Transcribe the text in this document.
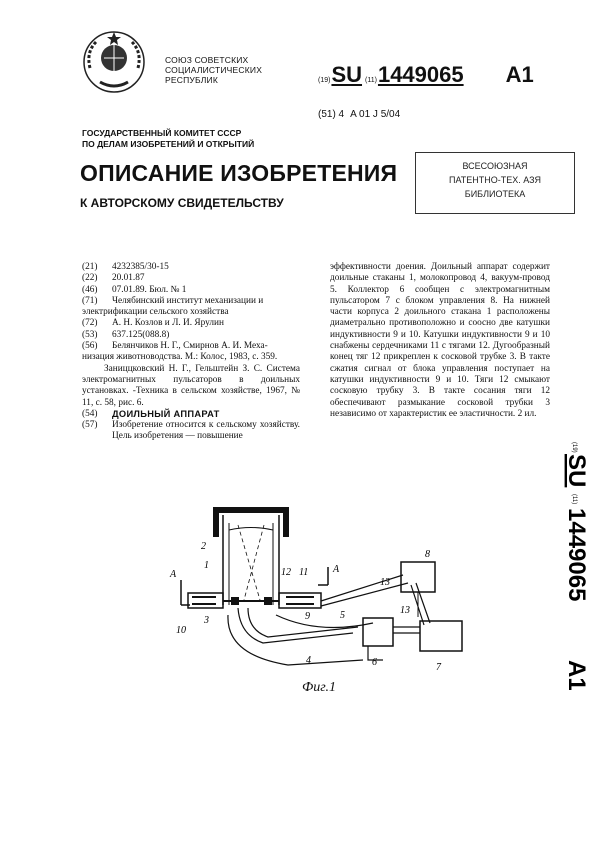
СОЮЗ СОВЕТСКИХ
СОЦИАЛИСТИЧЕСКИХ
РЕСПУБЛИК	(19) SU (11) 1449065 A1
(51) 4 A 01 J 5/04
ГОСУДАРСТВЕННЫЙ КОМИТЕТ СССР
ПО ДЕЛАМ ИЗОБРЕТЕНИЙ И ОТКРЫТИЙ
ОПИСАНИЕ ИЗОБРЕТЕНИЯ
К АВТОРСКОМУ СВИДЕТЕЛЬСТВУ
ВСЕСОЮЗНАЯ
ПАТЕНТНО-ТЕХ. АЗЯ
БИБЛИОТЕКА
(21)	4232385/30-15
(22)	20.01.87
(46)	07.01.89. Бюл. № 1
(71)	Челябинский институт механизации и
электрификации сельского хозяйства
(72)	А. Н. Козлов и Л. И. Ярулин
(53)	637.125(088.8)
(56)	Белянчиков Н. Г., Смирнов А. И. Меха-
низация животноводства. М.: Колос, 1983, с. 359.
Заниццковский Н. Г., Гельштейн З. С. Система электромагнитных пульсаторов в доильных установках. -Техника в сельском хозяйстве, 1967, № 11, с. 58, рис. 6.
(54)	ДОИЛЬНЫЙ АППАРАТ
(57)	Изобретение относится к сельскому хозяйству. Цель изобретения — повышение
эффективности доения. Доильный аппарат содержит доильные стаканы 1, молокопровод 4, вакуум-провод 5. Коллектор 6 сообщен с электромагнитным пульсатором 7 с блоком управления 8. На нижней части корпуса 2 доильного стакана 1 расположены диаметрально противоположно и соосно две катушки индуктивности 9 и 10. Катушки индуктивности 9 и 10 снабжены сердечниками 11 с тягами 12. Дугообразный конец тяг 12 прикреплен к сосковой трубке 3. В такте сжатия сигнал от блока управления поступает на катушки индуктивности 9 и 10. Тяги 12 смыкают сосковую трубку 3. В такте сосания тяги 12 обеспечивают размыкание сосковой трубки 3 независимо от характеристик ее эластичности. 2 ил.
(19)
SU
(11)
1449065
A1
2
1
3
10
12 11
9	5
4	6	7
8
13
13
А	А
Фиг.1
